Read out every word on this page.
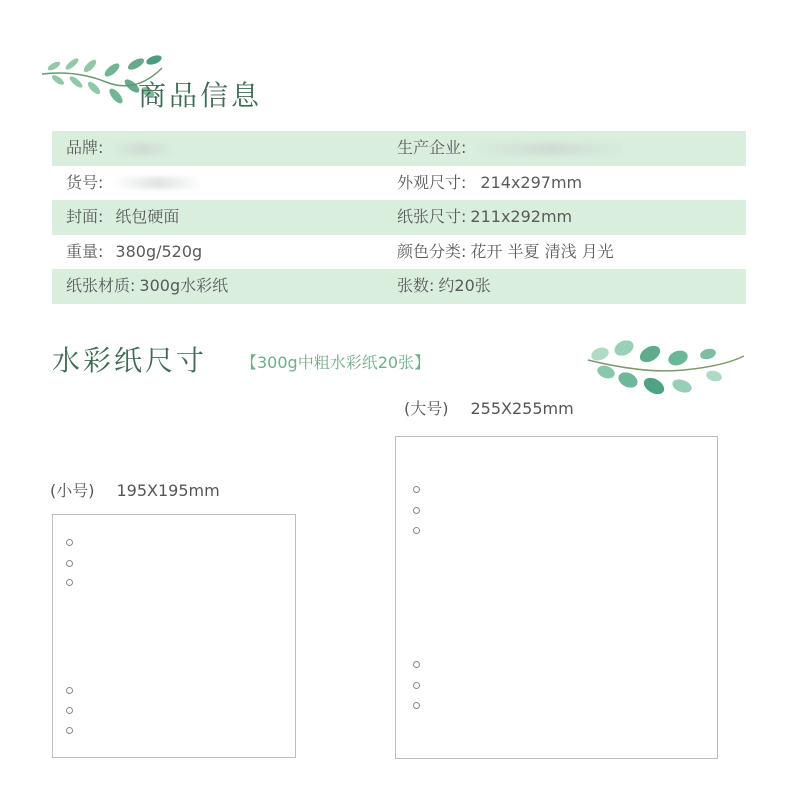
商品信息
品牌:	生产企业:
货号:	外观尺寸: 214x297mm
封面: 纸包硬面	纸张尺寸: 211x292mm
重量: 380g/520g	颜色分类: 花开 半夏 清浅 月光
纸张材质: 300g水彩纸	张数: 约20张
水彩纸尺寸 【300g中粗水彩纸20张】
(大号) 255X255mm
(小号) 195X195mm
